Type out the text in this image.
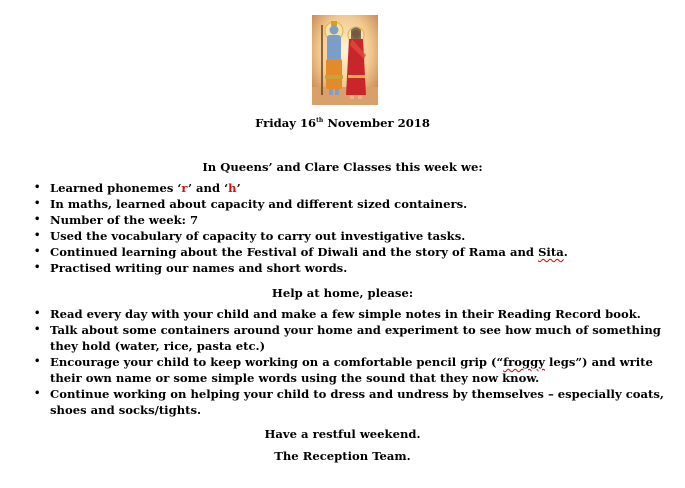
Friday 16th November 2018
In Queens’ and Clare Classes this week we:
• Learned phonemes ‘r’ and ‘h’
• In maths, learned about capacity and different sized containers.
• Number of the week: 7
• Used the vocabulary of capacity to carry out investigative tasks.
• Continued learning about the Festival of Diwali and the story of Rama and Sita.
• Practised writing our names and short words.
Help at home, please:
• Read every day with your child and make a few simple notes in their Reading Record book.
• Talk about some containers around your home and experiment to see how much of something they hold (water, rice, pasta etc.)
• Encourage your child to keep working on a comfortable pencil grip (“froggy legs”) and write their own name or some simple words using the sound that they now know.
• Continue working on helping your child to dress and undress by themselves – especially coats, shoes and socks/tights.
Have a restful weekend.
The Reception Team.
